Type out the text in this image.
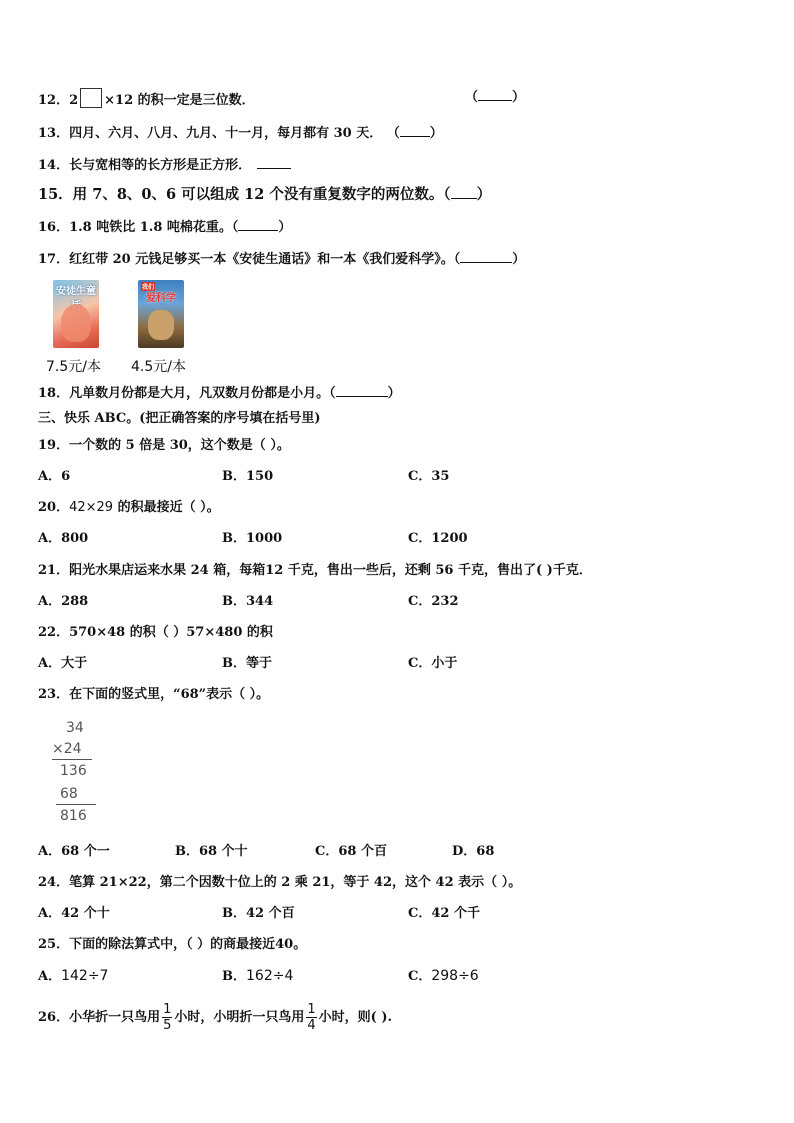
12．2 ×12 的积一定是三位数．	（	）
13．四月、六月、八月、九月、十一月，每月都有 30 天． （ ）
14．长与宽相等的长方形是正方形．
15．用 7、8、0、6 可以组成 12 个没有重复数字的两位数。（ ）
16．1.8 吨铁比 1.8 吨棉花重。（	）
17．红红带 20 元钱足够买一本《安徒生通话》和一本《我们爱科学》。（	）
安徒生童	我们
爱科学
7.5元/本 4.5元/本
18．凡单数月份都是大月，凡双数月份都是小月。（	）
三、快乐 ABC。(把正确答案的序号填在括号里)
19．一个数的 5 倍是 30，这个数是（ ）。
A．6	B．150	C．35
20．42×29 的积最接近（ ）。
A．800	B．1000	C．1200
21．阳光水果店运来水果 24 箱，每箱12 千克，售出一些后，还剩 56 千克，售出了( )千克．
A．288	B．344	C．232
22．570×48 的积（ ）57×480 的积
A．大于	B．等于	C．小于
23．在下面的竖式里，“68”表示（ ）。
34
×24
136
68
816
A．68 个一	B．68 个十	C．68 个百	D．68
24．笔算 21×22，第二个因数十位上的 2 乘 21，等于 42，这个 42 表示（ ）。
A．42 个十	B．42 个百	C．42 个千
25．下面的除法算式中，（ ）的商最接近40。
A．142÷7	B．162÷4	C．298÷6
26．小华折一只鸟用 $\frac{1}{5}$ 小时，小明折一只鸟用 $\frac{1}{4}$ 小时，则( ).
